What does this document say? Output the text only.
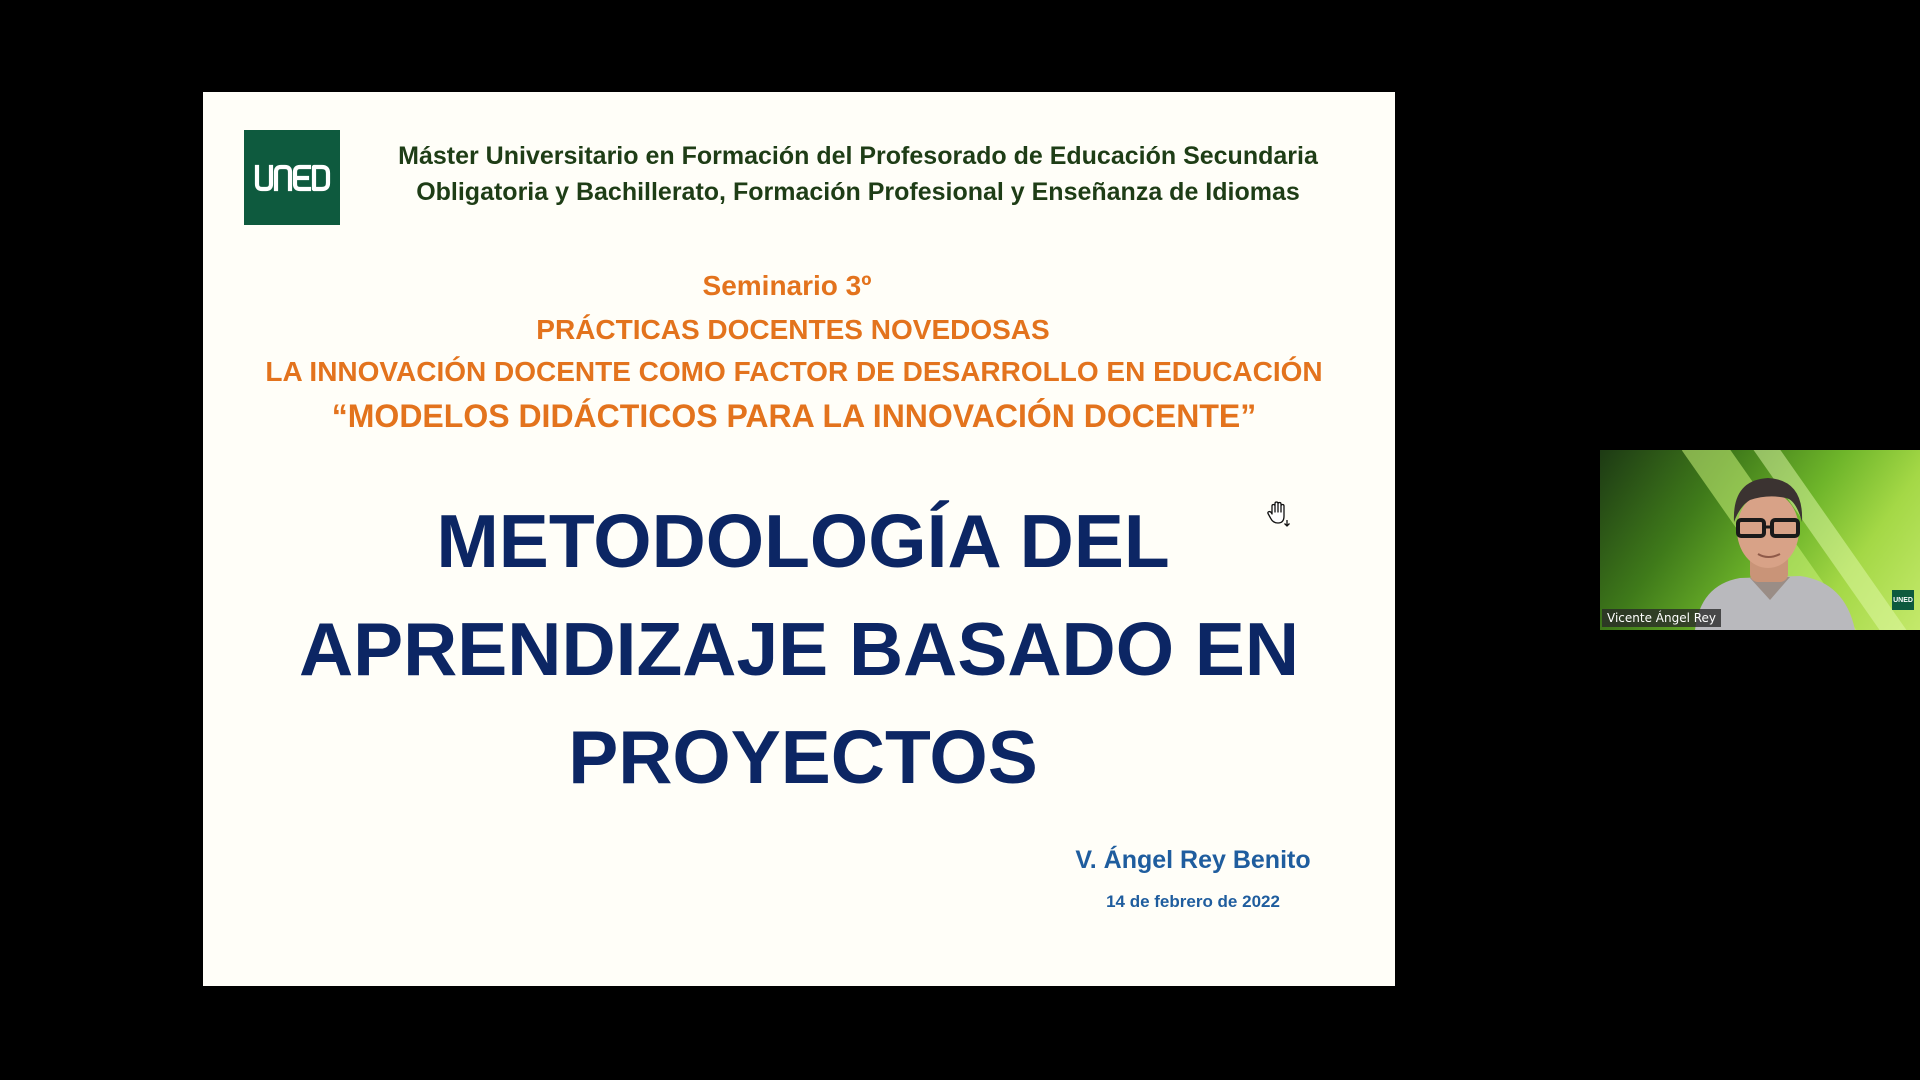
Máster Universitario en Formación del Profesorado de Educación Secundaria
Obligatoria y Bachillerato, Formación Profesional y Enseñanza de Idiomas
Seminario 3º
PRÁCTICAS DOCENTES NOVEDOSAS
LA INNOVACIÓN DOCENTE COMO FACTOR DE DESARROLLO EN EDUCACIÓN
“MODELOS DIDÁCTICOS PARA LA INNOVACIÓN DOCENTE”
METODOLOGÍA DEL
APRENDIZAJE BASADO EN
PROYECTOS
V. Ángel Rey Benito
14 de febrero de 2022
Vicente Ángel Rey
UNED
